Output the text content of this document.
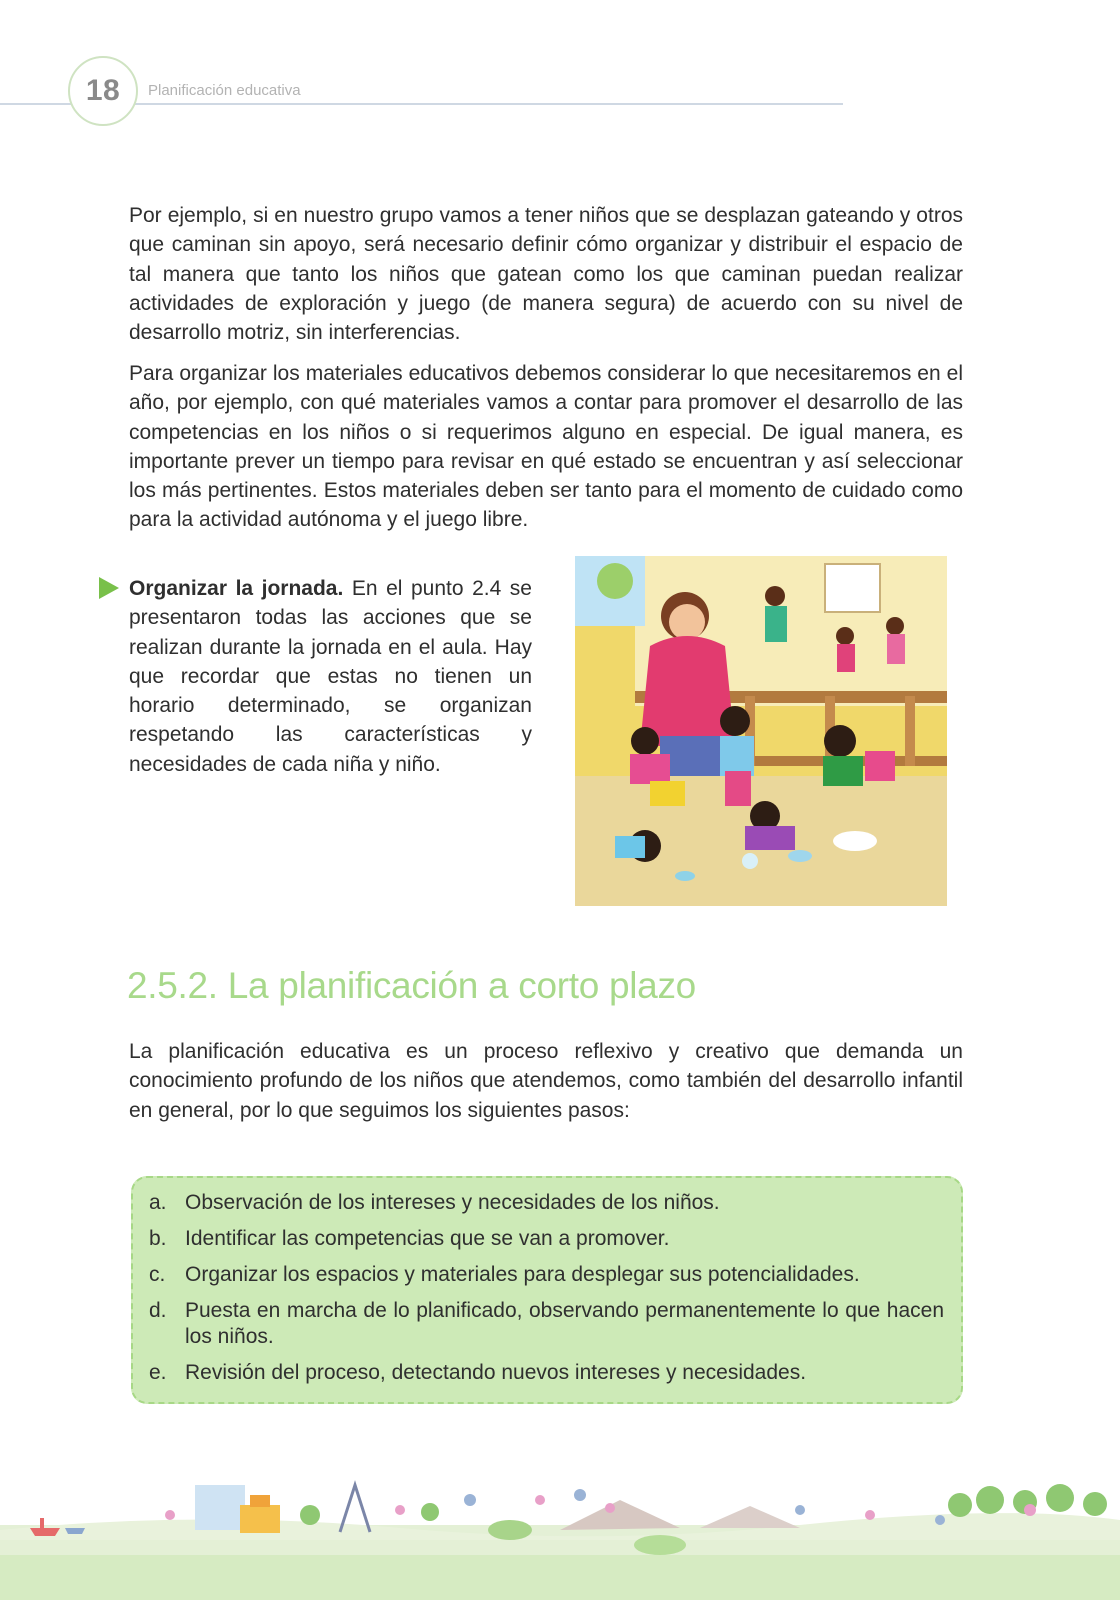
18 Planificación educativa

Por ejemplo, si en nuestro grupo vamos a tener niños que se desplazan gateando y otros que caminan sin apoyo, será necesario definir cómo organizar y distribuir el espacio de tal manera que tanto los niños que gatean como los que caminan puedan realizar actividades de exploración y juego (de manera segura) de acuerdo con su nivel de desarrollo motriz, sin interferencias.

Para organizar los materiales educativos debemos considerar lo que necesitaremos en el año, por ejemplo, con qué materiales vamos a contar para promover el desarrollo de las competencias en los niños o si requerimos alguno en especial. De igual manera, es importante prever un tiempo para revisar en qué estado se encuentran y así seleccionar los más pertinentes. Estos materiales deben ser tanto para el momento de cuidado como para la actividad autónoma y el juego libre.

Organizar la jornada. En el punto 2.4 se presentaron todas las acciones que se realizan durante la jornada en el aula. Hay que recordar que estas no tienen un horario determinado, se organizan respetando las características y necesidades de cada niña y niño.

2.5.2. La planificación a corto plazo

La planificación educativa es un proceso reflexivo y creativo que demanda un conocimiento profundo de los niños que atendemos, como también del desarrollo infantil en general, por lo que seguimos los siguientes pasos:

a. Observación de los intereses y necesidades de los niños.
b. Identificar las competencias que se van a promover.
c. Organizar los espacios y materiales para desplegar sus potencialidades.
d. Puesta en marcha de lo planificado, observando permanentemente lo que hacen los niños.
e. Revisión del proceso, detectando nuevos intereses y necesidades.
